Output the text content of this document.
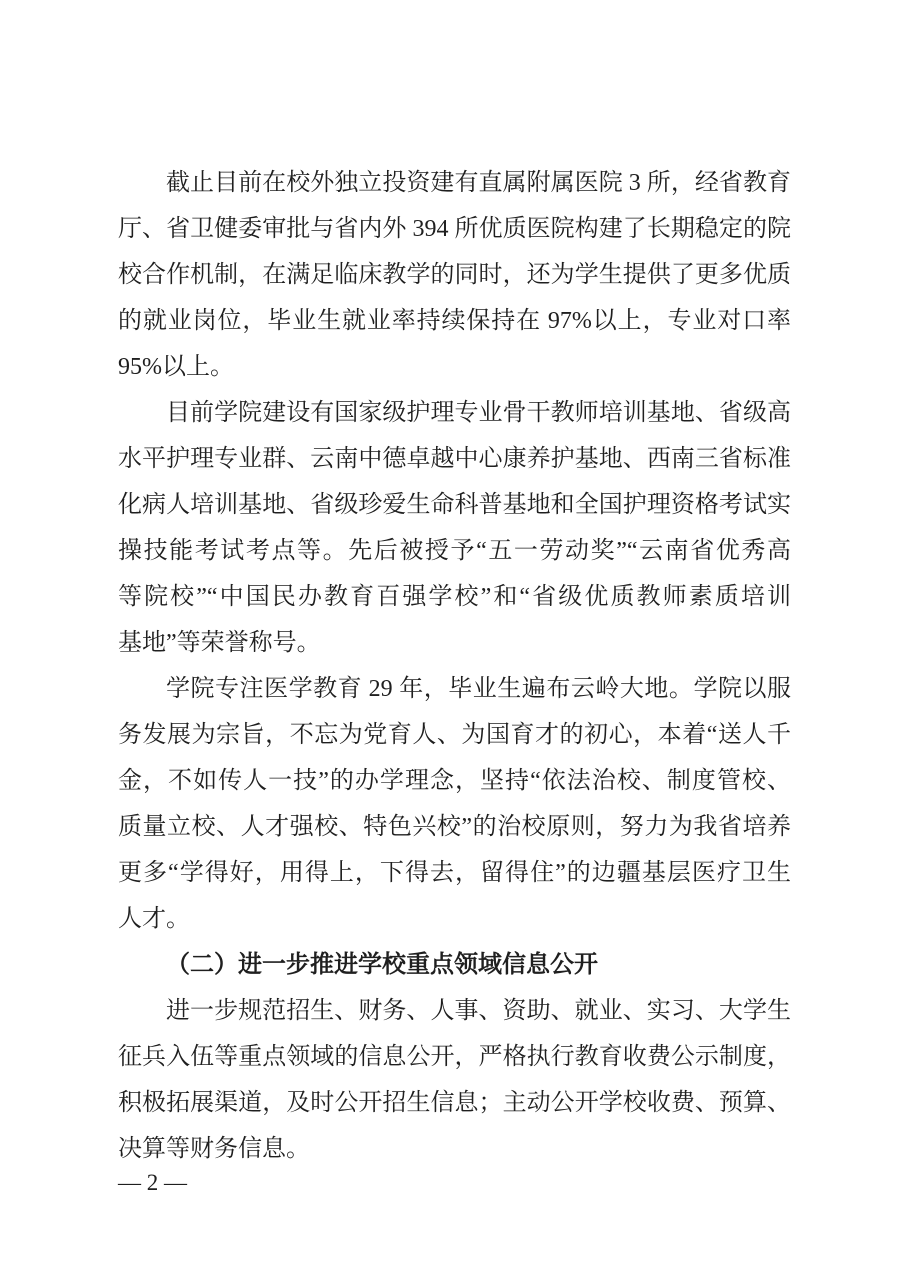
截止目前在校外独立投资建有直属附属医院 3 所，经省教育
厅、省卫健委审批与省内外 394 所优质医院构建了长期稳定的院
校合作机制，在满足临床教学的同时，还为学生提供了更多优质
的就业岗位，毕业生就业率持续保持在 97%以上，专业对口率
95%以上。
目前学院建设有国家级护理专业骨干教师培训基地、省级高
水平护理专业群、云南中德卓越中心康养护基地、西南三省标准
化病人培训基地、省级珍爱生命科普基地和全国护理资格考试实
操技能考试考点等。先后被授予“五一劳动奖”“云南省优秀高
等院校”“中国民办教育百强学校”和“省级优质教师素质培训
基地”等荣誉称号。
学院专注医学教育 29 年，毕业生遍布云岭大地。学院以服
务发展为宗旨，不忘为党育人、为国育才的初心，本着“送人千
金，不如传人一技”的办学理念，坚持“依法治校、制度管校、
质量立校、人才强校、特色兴校”的治校原则，努力为我省培养
更多“学得好，用得上，下得去，留得住”的边疆基层医疗卫生
人才。
（二）进一步推进学校重点领域信息公开
进一步规范招生、财务、人事、资助、就业、实习、大学生
征兵入伍等重点领域的信息公开，严格执行教育收费公示制度，
积极拓展渠道，及时公开招生信息；主动公开学校收费、预算、
决算等财务信息。
— 2 —
